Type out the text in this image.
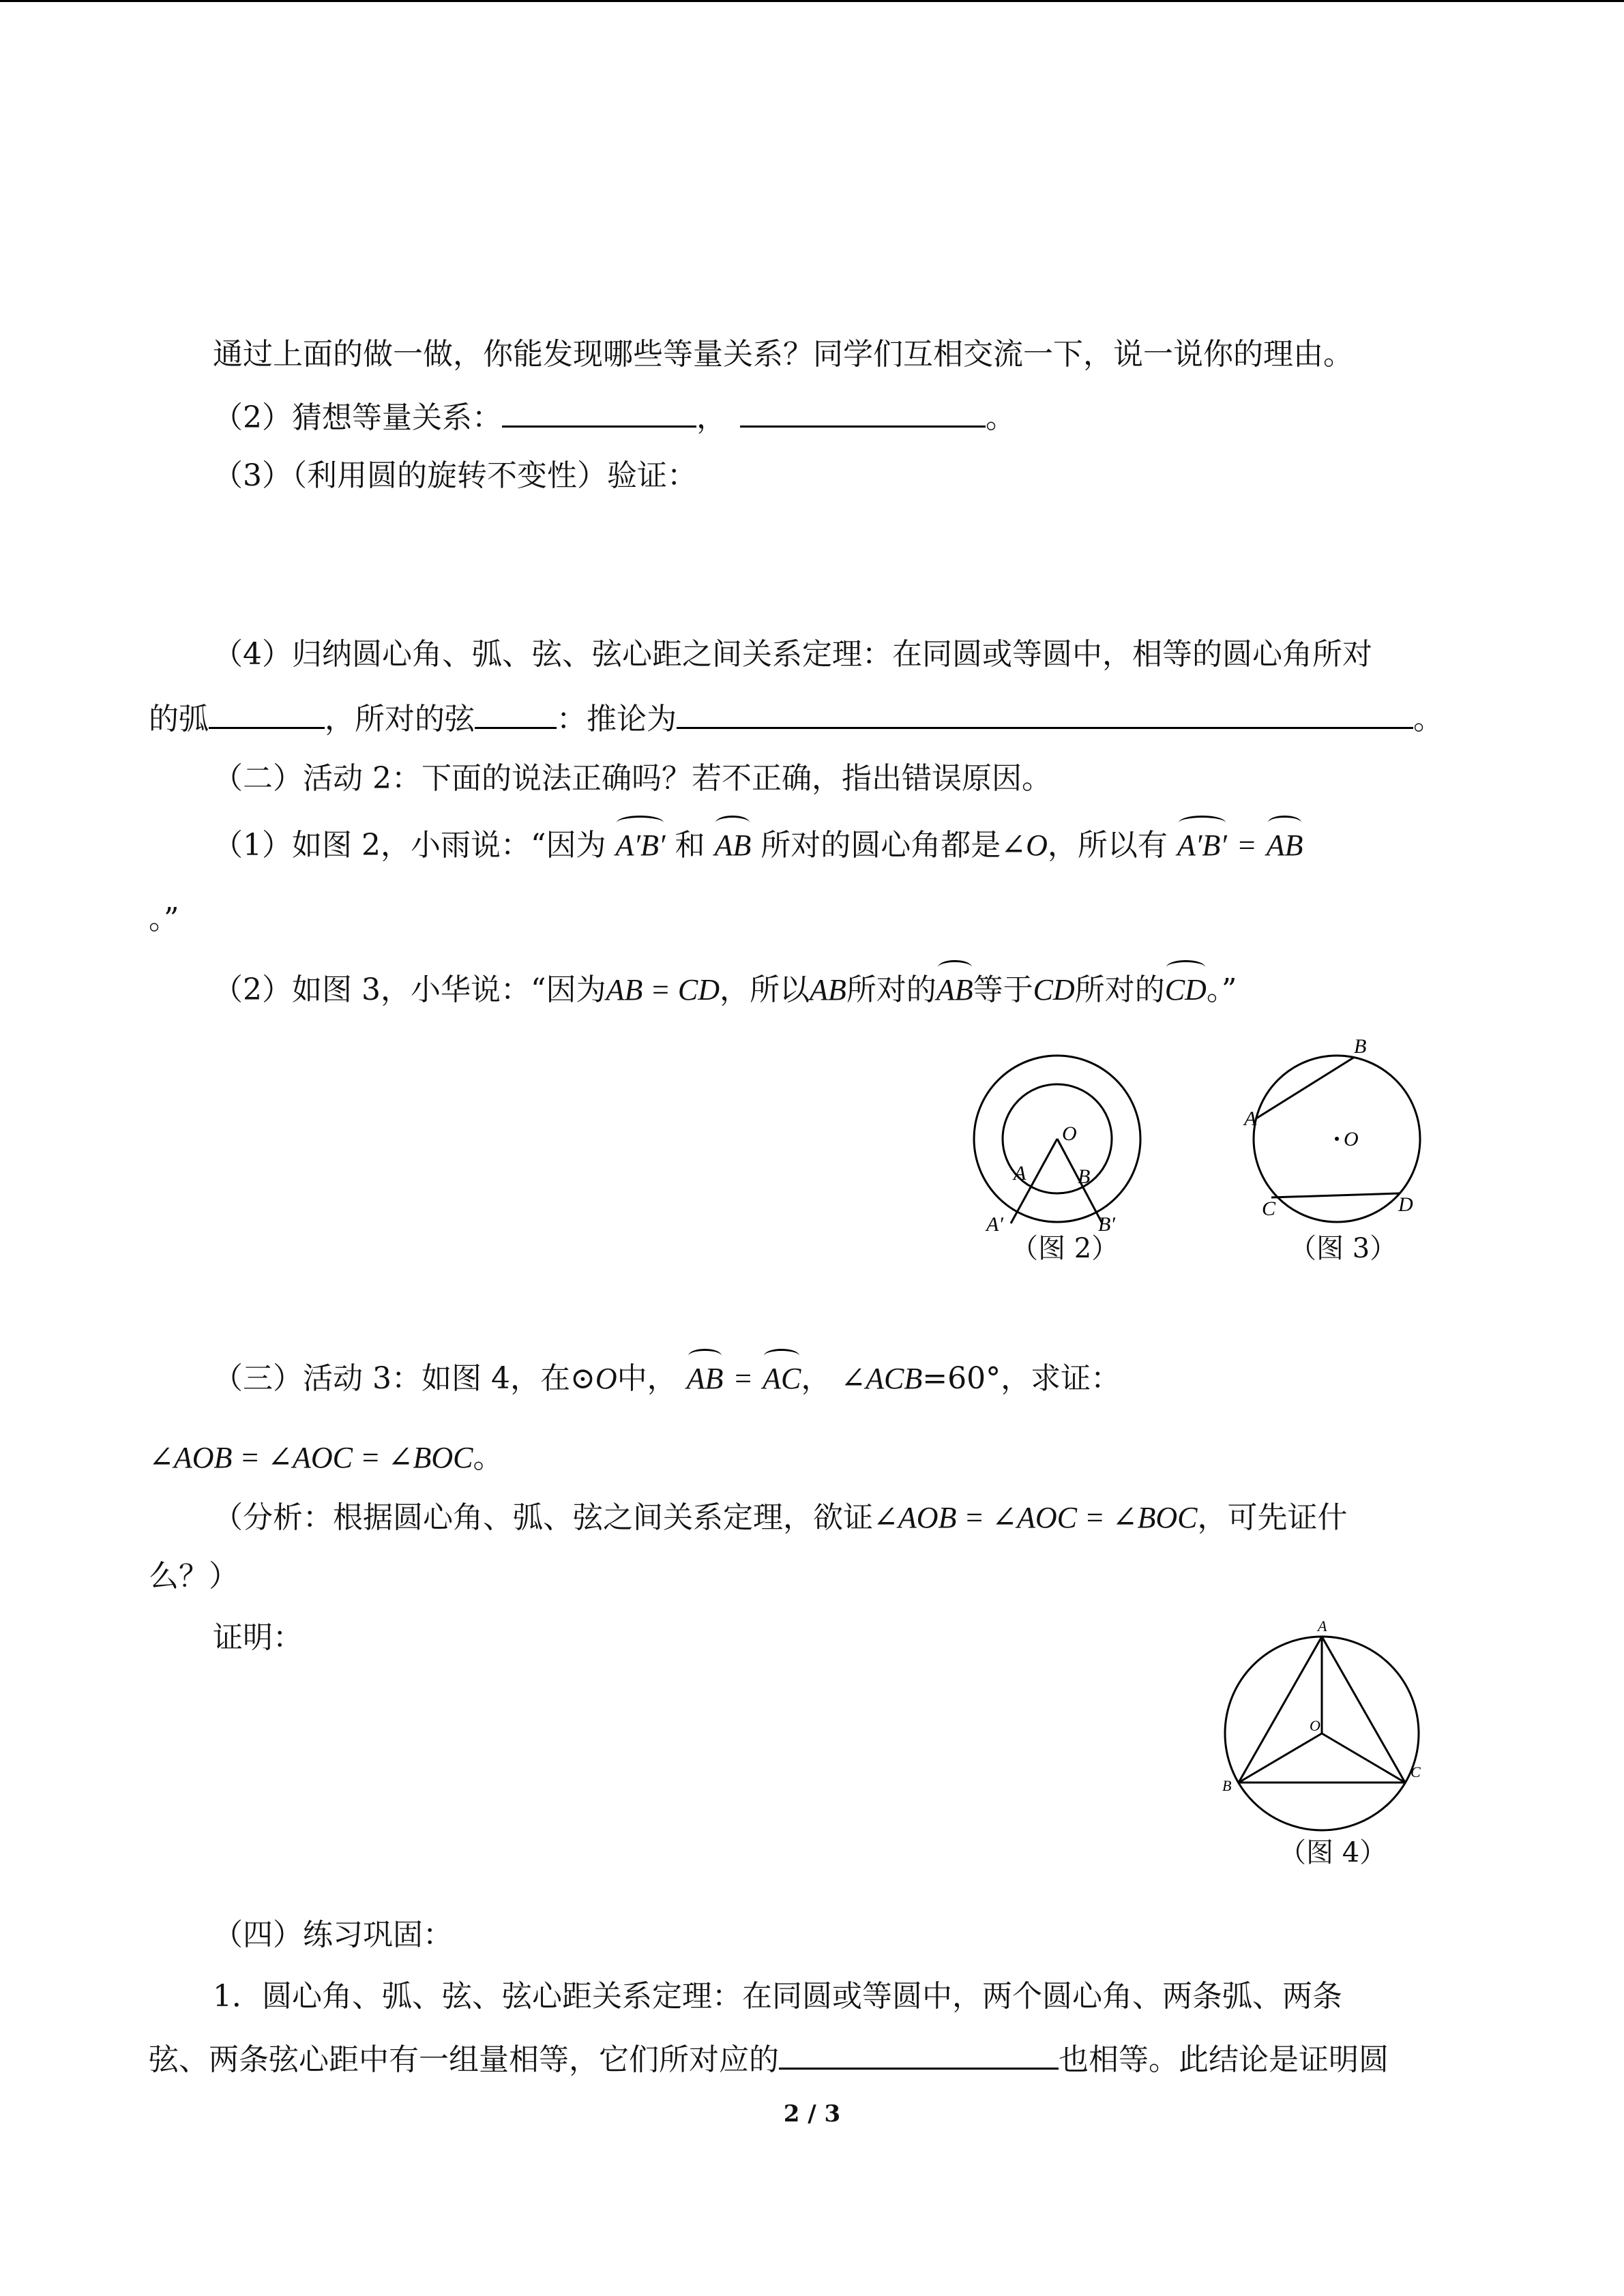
通过上面的做一做，你能发现哪些等量关系？同学们互相交流一下，说一说你的理由。
（2）猜想等量关系：	，	。
（3）（利用圆的旋转不变性）验证：
（4）归纳圆心角、弧、弦、弦心距之间关系定理：在同圆或等圆中，相等的圆心角所对
的弧	，所对的弦	：推论为	。
（二）活动 2：下面的说法正确吗？若不正确，指出错误原因。
（1）如图 2，小雨说：“因为 A′B′ 和 AB 所对的圆心角都是∠O，所以有 A′B′ = AB
。”
（2）如图 3，小华说：“因为AB = CD，所以AB所对的AB等于CD所对的CD。”
O
A	B
A′	B′
（图 2）
B
A
O
C	D
（图 3）
（三）活动 3：如图 4，在⊙O中， AB = AC， ∠ACB=60°，求证：
∠AOB = ∠AOC = ∠BOC。
（分析：根据圆心角、弧、弦之间关系定理，欲证∠AOB = ∠AOC = ∠BOC，可先证什
么？）
证明：	A
O
B
C
（图 4）
（四）练习巩固：
1．圆心角、弧、弦、弦心距关系定理：在同圆或等圆中，两个圆心角、两条弧、两条
弦、两条弦心距中有一组量相等，它们所对应的	也相等。此结论是证明圆
2 / 3
